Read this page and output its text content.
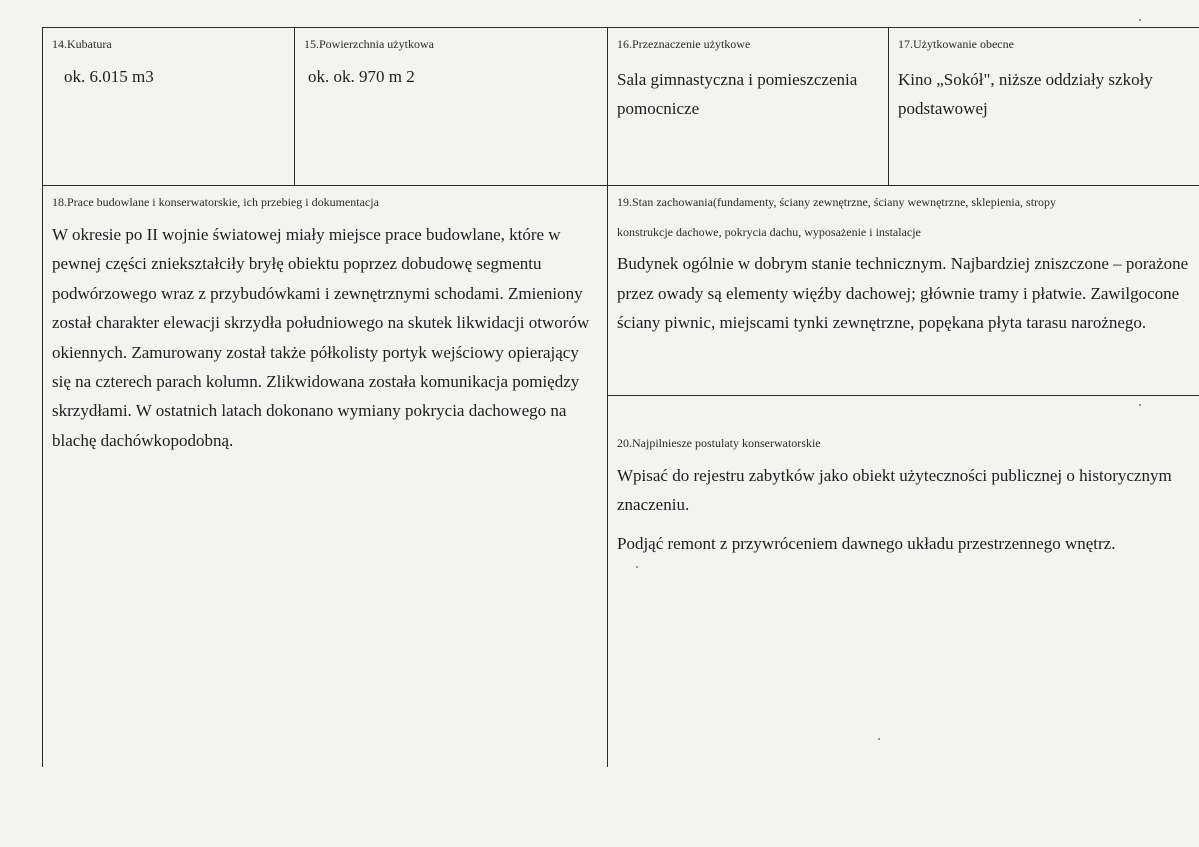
14.Kubatura
ok. 6.015 m3
15.Powierzchnia użytkowa
ok. ok. 970 m 2
16.Przeznaczenie użytkowe
Sala gimnastyczna i pomieszczenia pomocnicze
17.Użytkowanie obecne
Kino „Sokół", niższe oddziały szkoły podstawowej
18.Prace budowlane i konserwatorskie, ich przebieg i dokumentacja
W okresie po II wojnie światowej miały miejsce prace budowlane, które w pewnej części zniekształciły bryłę obiektu poprzez dobudowę segmentu podwórzowego wraz z przybudówkami i zewnętrznymi schodami. Zmieniony został charakter elewacji skrzydła południowego na skutek likwidacji otworów okiennych. Zamurowany został także półkolisty portyk wejściowy opierający się na czterech parach kolumn. Zlikwidowana została komunikacja pomiędzy skrzydłami. W ostatnich latach dokonano wymiany pokrycia dachowego na blachę dachówkopodobną.
19.Stan zachowania(fundamenty, ściany zewnętrzne, ściany wewnętrzne, sklepienia, stropy
konstrukcje dachowe, pokrycia dachu, wyposażenie i instalacje
Budynek ogólnie w dobrym stanie technicznym. Najbardziej zniszczone – porażone przez owady są elementy więźby dachowej; głównie tramy i płatwie. Zawilgocone ściany piwnic, miejscami tynki zewnętrzne, popękana płyta tarasu narożnego.
20.Najpilniesze postulaty konserwatorskie
Wpisać do rejestru zabytków jako obiekt użyteczności publicznej o historycznym znaczeniu.
Podjąć remont z przywróceniem dawnego układu przestrzennego wnętrz.
